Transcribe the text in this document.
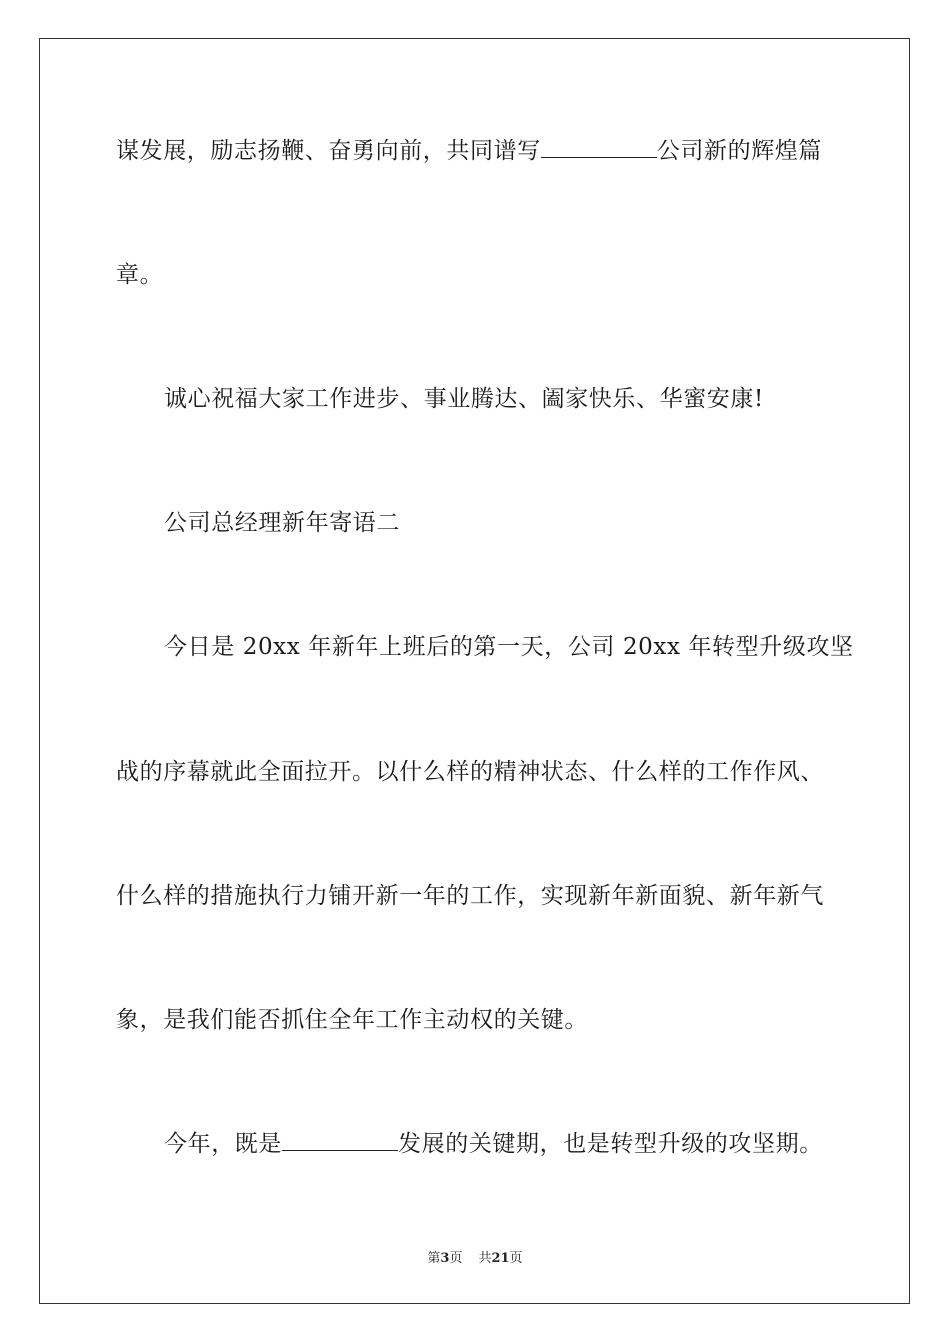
谋发展，励志扬鞭、奋勇向前，共同谱写	公司新的辉煌篇
章。
诚心祝福大家工作进步、事业腾达、阖家快乐、华蜜安康!
公司总经理新年寄语二
今日是 20xx 年新年上班后的第一天，公司 20xx 年转型升级攻坚
战的序幕就此全面拉开。以什么样的精神状态、什么样的工作作风、
什么样的措施执行力铺开新一年的工作，实现新年新面貌、新年新气
象，是我们能否抓住全年工作主动权的关键。
今年，既是	发展的关键期，也是转型升级的攻坚期。
第3页 共21页
